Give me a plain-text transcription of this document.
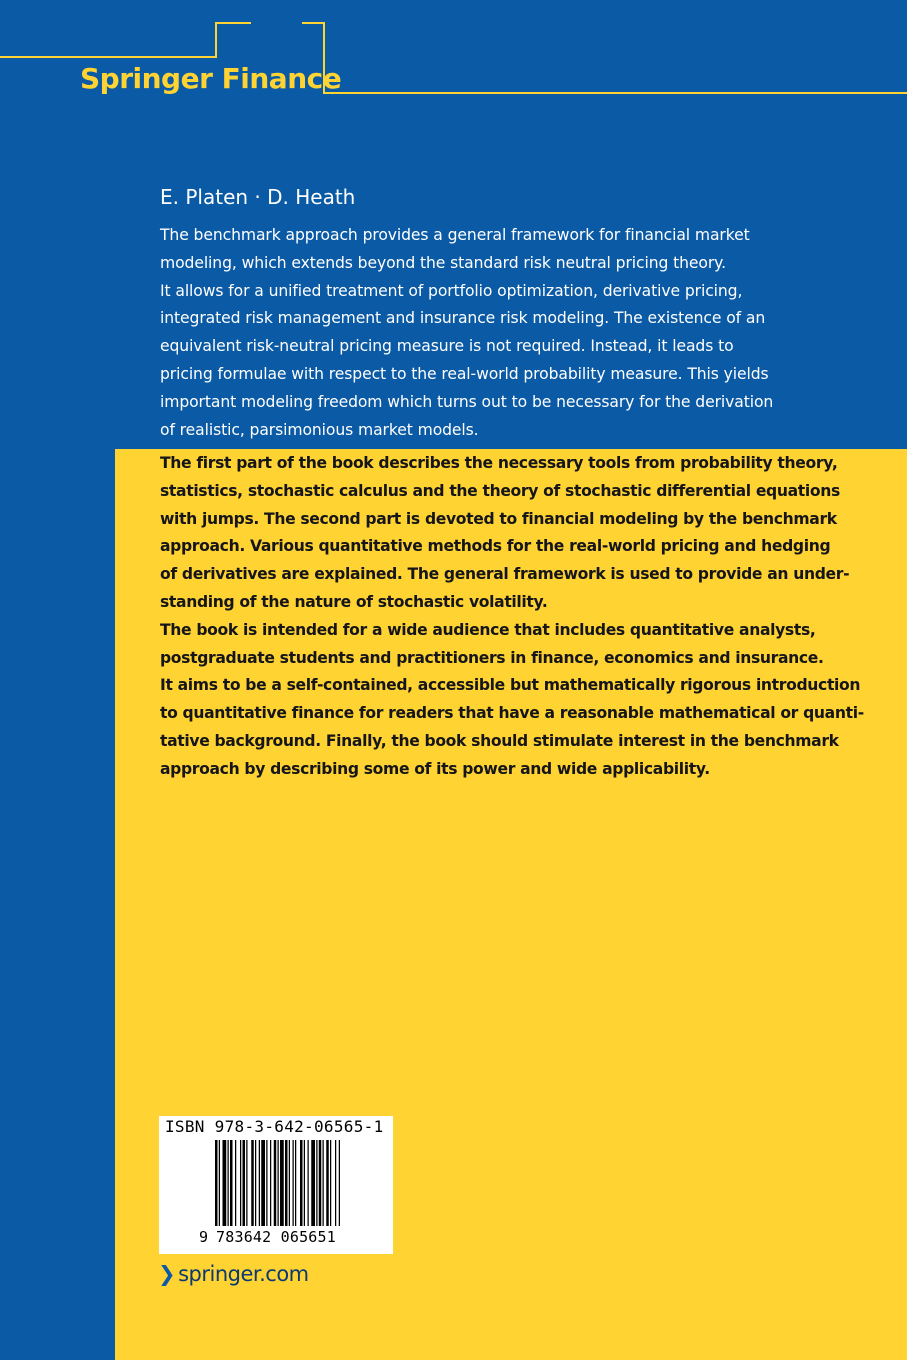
Springer Finance
E. Platen · D. Heath

The benchmark approach provides a general framework for financial market
modeling, which extends beyond the standard risk neutral pricing theory.
It allows for a unified treatment of portfolio optimization, derivative pricing,
integrated risk management and insurance risk modeling. The existence of an
equivalent risk-neutral pricing measure is not required. Instead, it leads to
pricing formulae with respect to the real-world probability measure. This yields
important modeling freedom which turns out to be necessary for the derivation
of realistic, parsimonious market models.

The first part of the book describes the necessary tools from probability theory,
statistics, stochastic calculus and the theory of stochastic differential equations
with jumps. The second part is devoted to financial modeling by the benchmark
approach. Various quantitative methods for the real-world pricing and hedging
of derivatives are explained. The general framework is used to provide an under-
standing of the nature of stochastic volatility.
The book is intended for a wide audience that includes quantitative analysts,
postgraduate students and practitioners in finance, economics and insurance.
It aims to be a self-contained, accessible but mathematically rigorous introduction
to quantitative finance for readers that have a reasonable mathematical or quanti-
tative background. Finally, the book should stimulate interest in the benchmark
approach by describing some of its power and wide applicability.

ISBN 978-3-642-06565-1
9 783642 065651
❯ springer.com
